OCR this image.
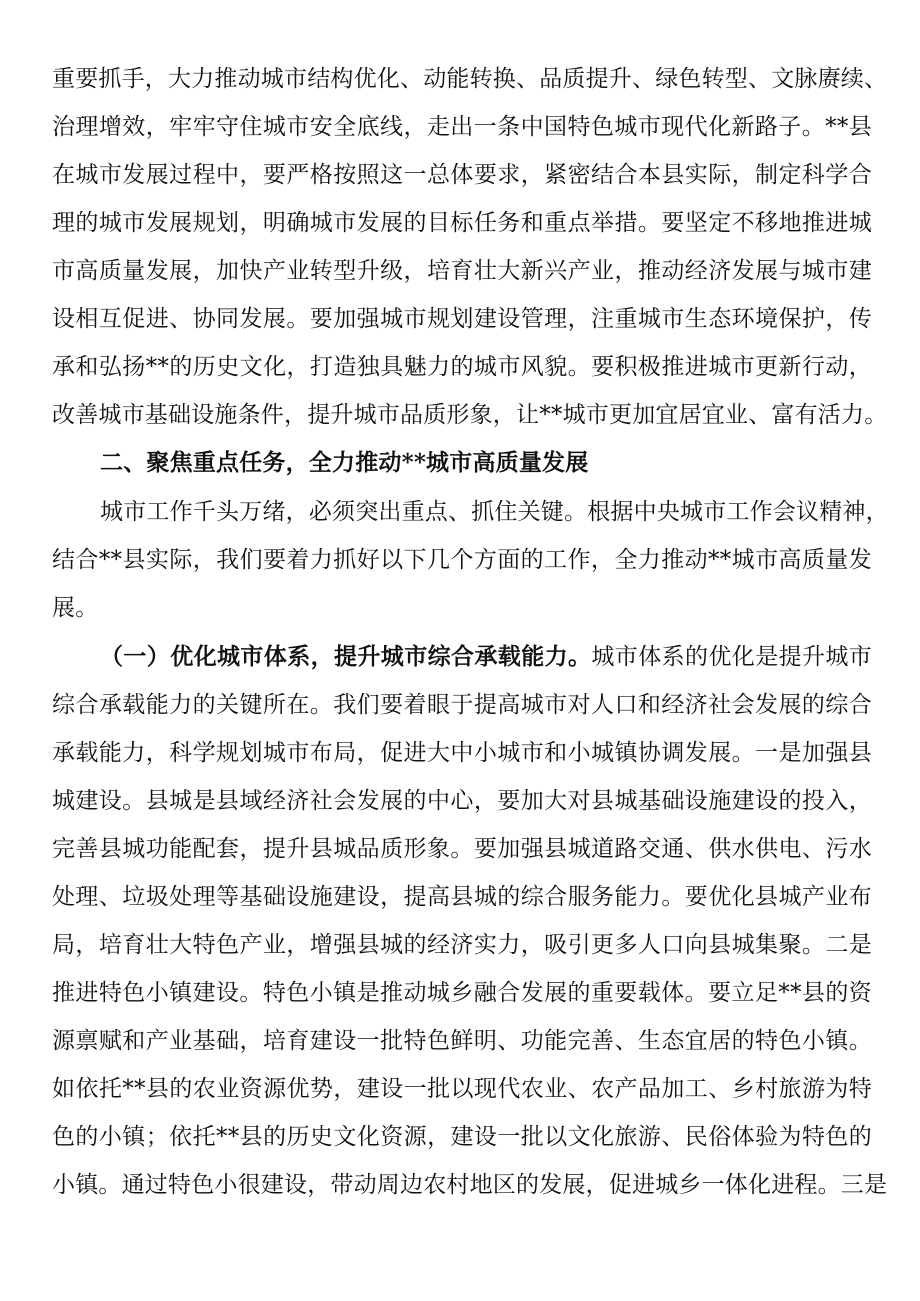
重要抓手，大力推动城市结构优化、动能转换、品质提升、绿色转型、文脉赓续、
治理增效，牢牢守住城市安全底线，走出一条中国特色城市现代化新路子。**县
在城市发展过程中，要严格按照这一总体要求，紧密结合本县实际，制定科学合
理的城市发展规划，明确城市发展的目标任务和重点举措。要坚定不移地推进城
市高质量发展，加快产业转型升级，培育壮大新兴产业，推动经济发展与城市建
设相互促进、协同发展。要加强城市规划建设管理，注重城市生态环境保护，传
承和弘扬**的历史文化，打造独具魅力的城市风貌。要积极推进城市更新行动，
改善城市基础设施条件，提升城市品质形象，让**城市更加宜居宜业、富有活力。
二、聚焦重点任务，全力推动**城市高质量发展
城市工作千头万绪，必须突出重点、抓住关键。根据中央城市工作会议精神，
结合**县实际，我们要着力抓好以下几个方面的工作，全力推动**城市高质量发
展。
（一）优化城市体系，提升城市综合承载能力。城市体系的优化是提升城市
综合承载能力的关键所在。我们要着眼于提高城市对人口和经济社会发展的综合
承载能力，科学规划城市布局，促进大中小城市和小城镇协调发展。一是加强县
城建设。县城是县域经济社会发展的中心，要加大对县城基础设施建设的投入，
完善县城功能配套，提升县城品质形象。要加强县城道路交通、供水供电、污水
处理、垃圾处理等基础设施建设，提高县城的综合服务能力。要优化县城产业布
局，培育壮大特色产业，增强县城的经济实力，吸引更多人口向县城集聚。二是
推进特色小镇建设。特色小镇是推动城乡融合发展的重要载体。要立足**县的资
源禀赋和产业基础，培育建设一批特色鲜明、功能完善、生态宜居的特色小镇。
如依托**县的农业资源优势，建设一批以现代农业、农产品加工、乡村旅游为特
色的小镇；依托**县的历史文化资源，建设一批以文化旅游、民俗体验为特色的
小镇。通过特色小很建设，带动周边农村地区的发展，促进城乡一体化进程。三是
